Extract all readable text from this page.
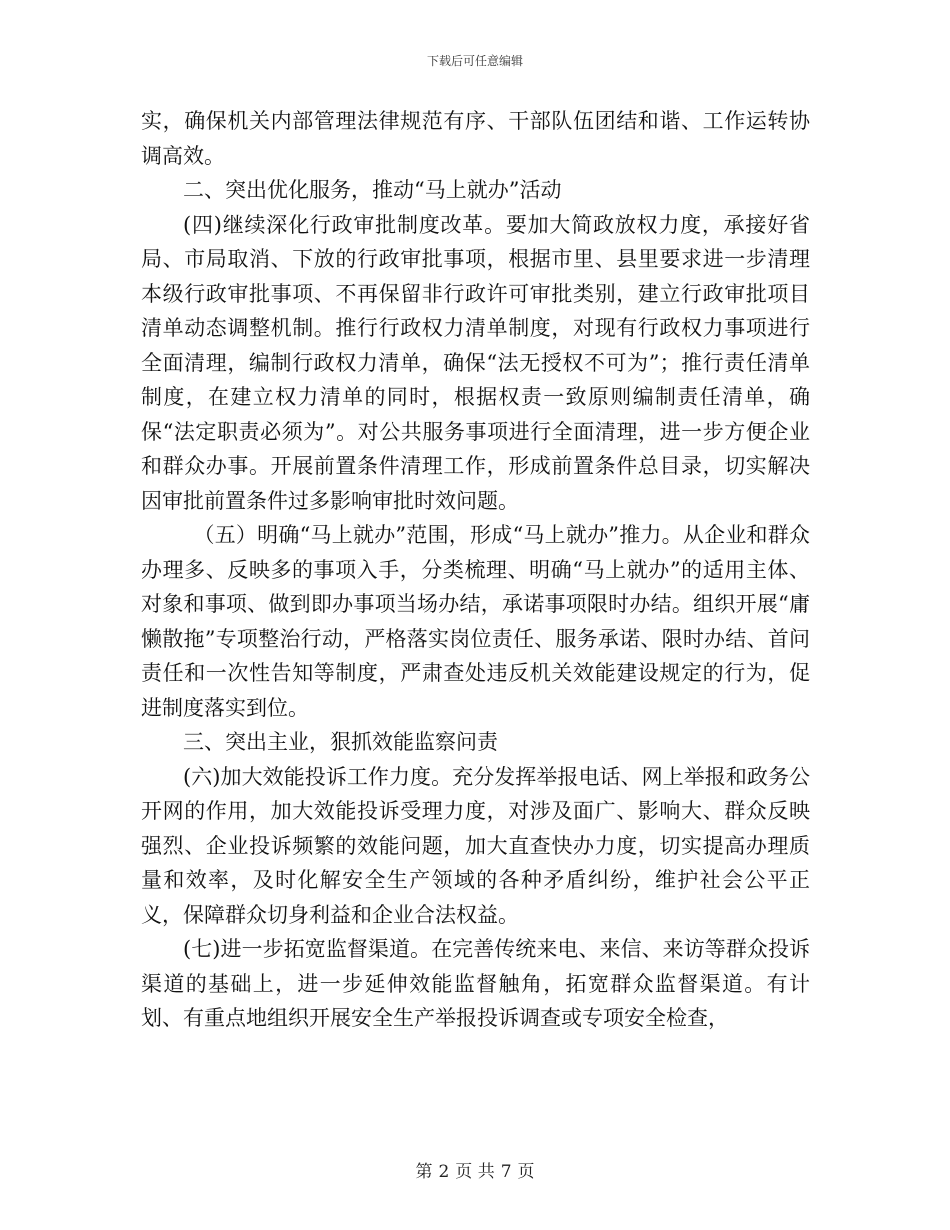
下载后可任意编辑

实，确保机关内部管理法律规范有序、干部队伍团结和谐、工作运转协调高效。

二、突出优化服务，推动“马上就办”活动

(四)继续深化行政审批制度改革。要加大简政放权力度，承接好省局、市局取消、下放的行政审批事项，根据市里、县里要求进一步清理本级行政审批事项、不再保留非行政许可审批类别，建立行政审批项目清单动态调整机制。推行行政权力清单制度，对现有行政权力事项进行全面清理，编制行政权力清单，确保“法无授权不可为”；推行责任清单制度，在建立权力清单的同时，根据权责一致原则编制责任清单，确保“法定职责必须为”。对公共服务事项进行全面清理，进一步方便企业和群众办事。开展前置条件清理工作，形成前置条件总目录，切实解决因审批前置条件过多影响审批时效问题。

（五）明确“马上就办”范围，形成“马上就办”推力。从企业和群众办理多、反映多的事项入手，分类梳理、明确“马上就办”的适用主体、对象和事项、做到即办事项当场办结，承诺事项限时办结。组织开展“庸懒散拖”专项整治行动，严格落实岗位责任、服务承诺、限时办结、首问责任和一次性告知等制度，严肃查处违反机关效能建设规定的行为，促进制度落实到位。

三、突出主业，狠抓效能监察问责

(六)加大效能投诉工作力度。充分发挥举报电话、网上举报和政务公开网的作用，加大效能投诉受理力度，对涉及面广、影响大、群众反映强烈、企业投诉频繁的效能问题，加大直查快办力度，切实提高办理质量和效率，及时化解安全生产领域的各种矛盾纠纷，维护社会公平正义，保障群众切身利益和企业合法权益。

(七)进一步拓宽监督渠道。在完善传统来电、来信、来访等群众投诉渠道的基础上，进一步延伸效能监督触角，拓宽群众监督渠道。有计划、有重点地组织开展安全生产举报投诉调查或专项安全检查，

第 2 页 共 7 页
